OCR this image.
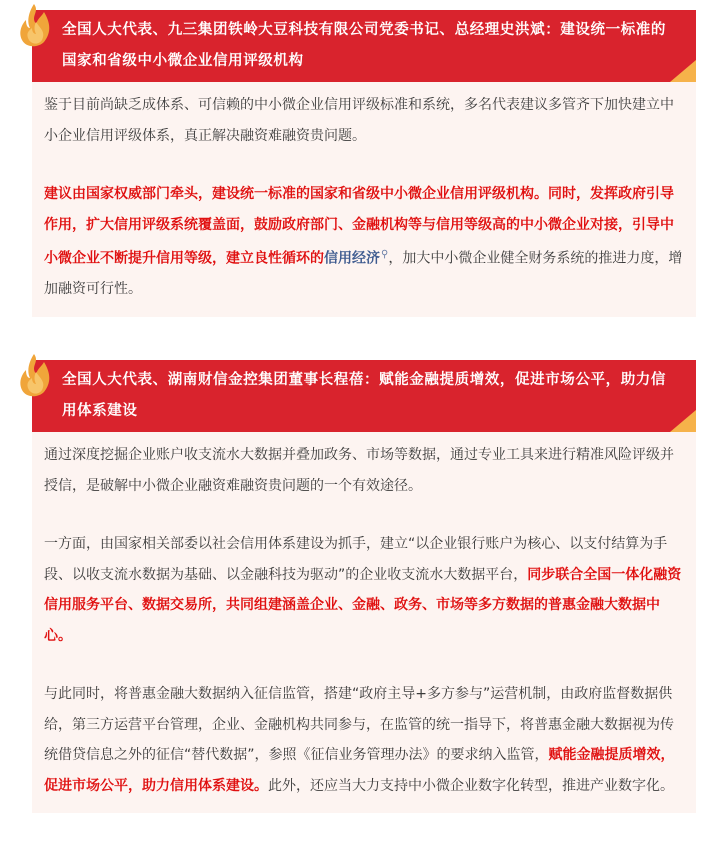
全国人大代表、九三集团铁岭大豆科技有限公司党委书记、总经理史洪斌：建设统一标准的国家和省级中小微企业信用评级机构

鉴于目前尚缺乏成体系、可信赖的中小微企业信用评级标准和系统，多名代表建议多管齐下加快建立中小企业信用评级体系，真正解决融资难融资贵问题。

建议由国家权威部门牵头，建设统一标准的国家和省级中小微企业信用评级机构。同时，发挥政府引导作用，扩大信用评级系统覆盖面，鼓励政府部门、金融机构等与信用等级高的中小微企业对接，引导中小微企业不断提升信用等级，建立良性循环的信用经济⚲，加大中小微企业健全财务系统的推进力度，增加融资可行性。

全国人大代表、湖南财信金控集团董事长程蓓：赋能金融提质增效，促进市场公平，助力信用体系建设

通过深度挖掘企业账户收支流水大数据并叠加政务、市场等数据，通过专业工具来进行精准风险评级并授信，是破解中小微企业融资难融资贵问题的一个有效途径。

一方面，由国家相关部委以社会信用体系建设为抓手，建立“以企业银行账户为核心、以支付结算为手段、以收支流水数据为基础、以金融科技为驱动”的企业收支流水大数据平台，同步联合全国一体化融资信用服务平台、数据交易所，共同组建涵盖企业、金融、政务、市场等多方数据的普惠金融大数据中心。

与此同时，将普惠金融大数据纳入征信监管，搭建“政府主导+多方参与”运营机制，由政府监督数据供给，第三方运营平台管理，企业、金融机构共同参与，在监管的统一指导下，将普惠金融大数据视为传统借贷信息之外的征信“替代数据”，参照《征信业务管理办法》的要求纳入监管，赋能金融提质增效，促进市场公平，助力信用体系建设。此外，还应当大力支持中小微企业数字化转型，推进产业数字化。
